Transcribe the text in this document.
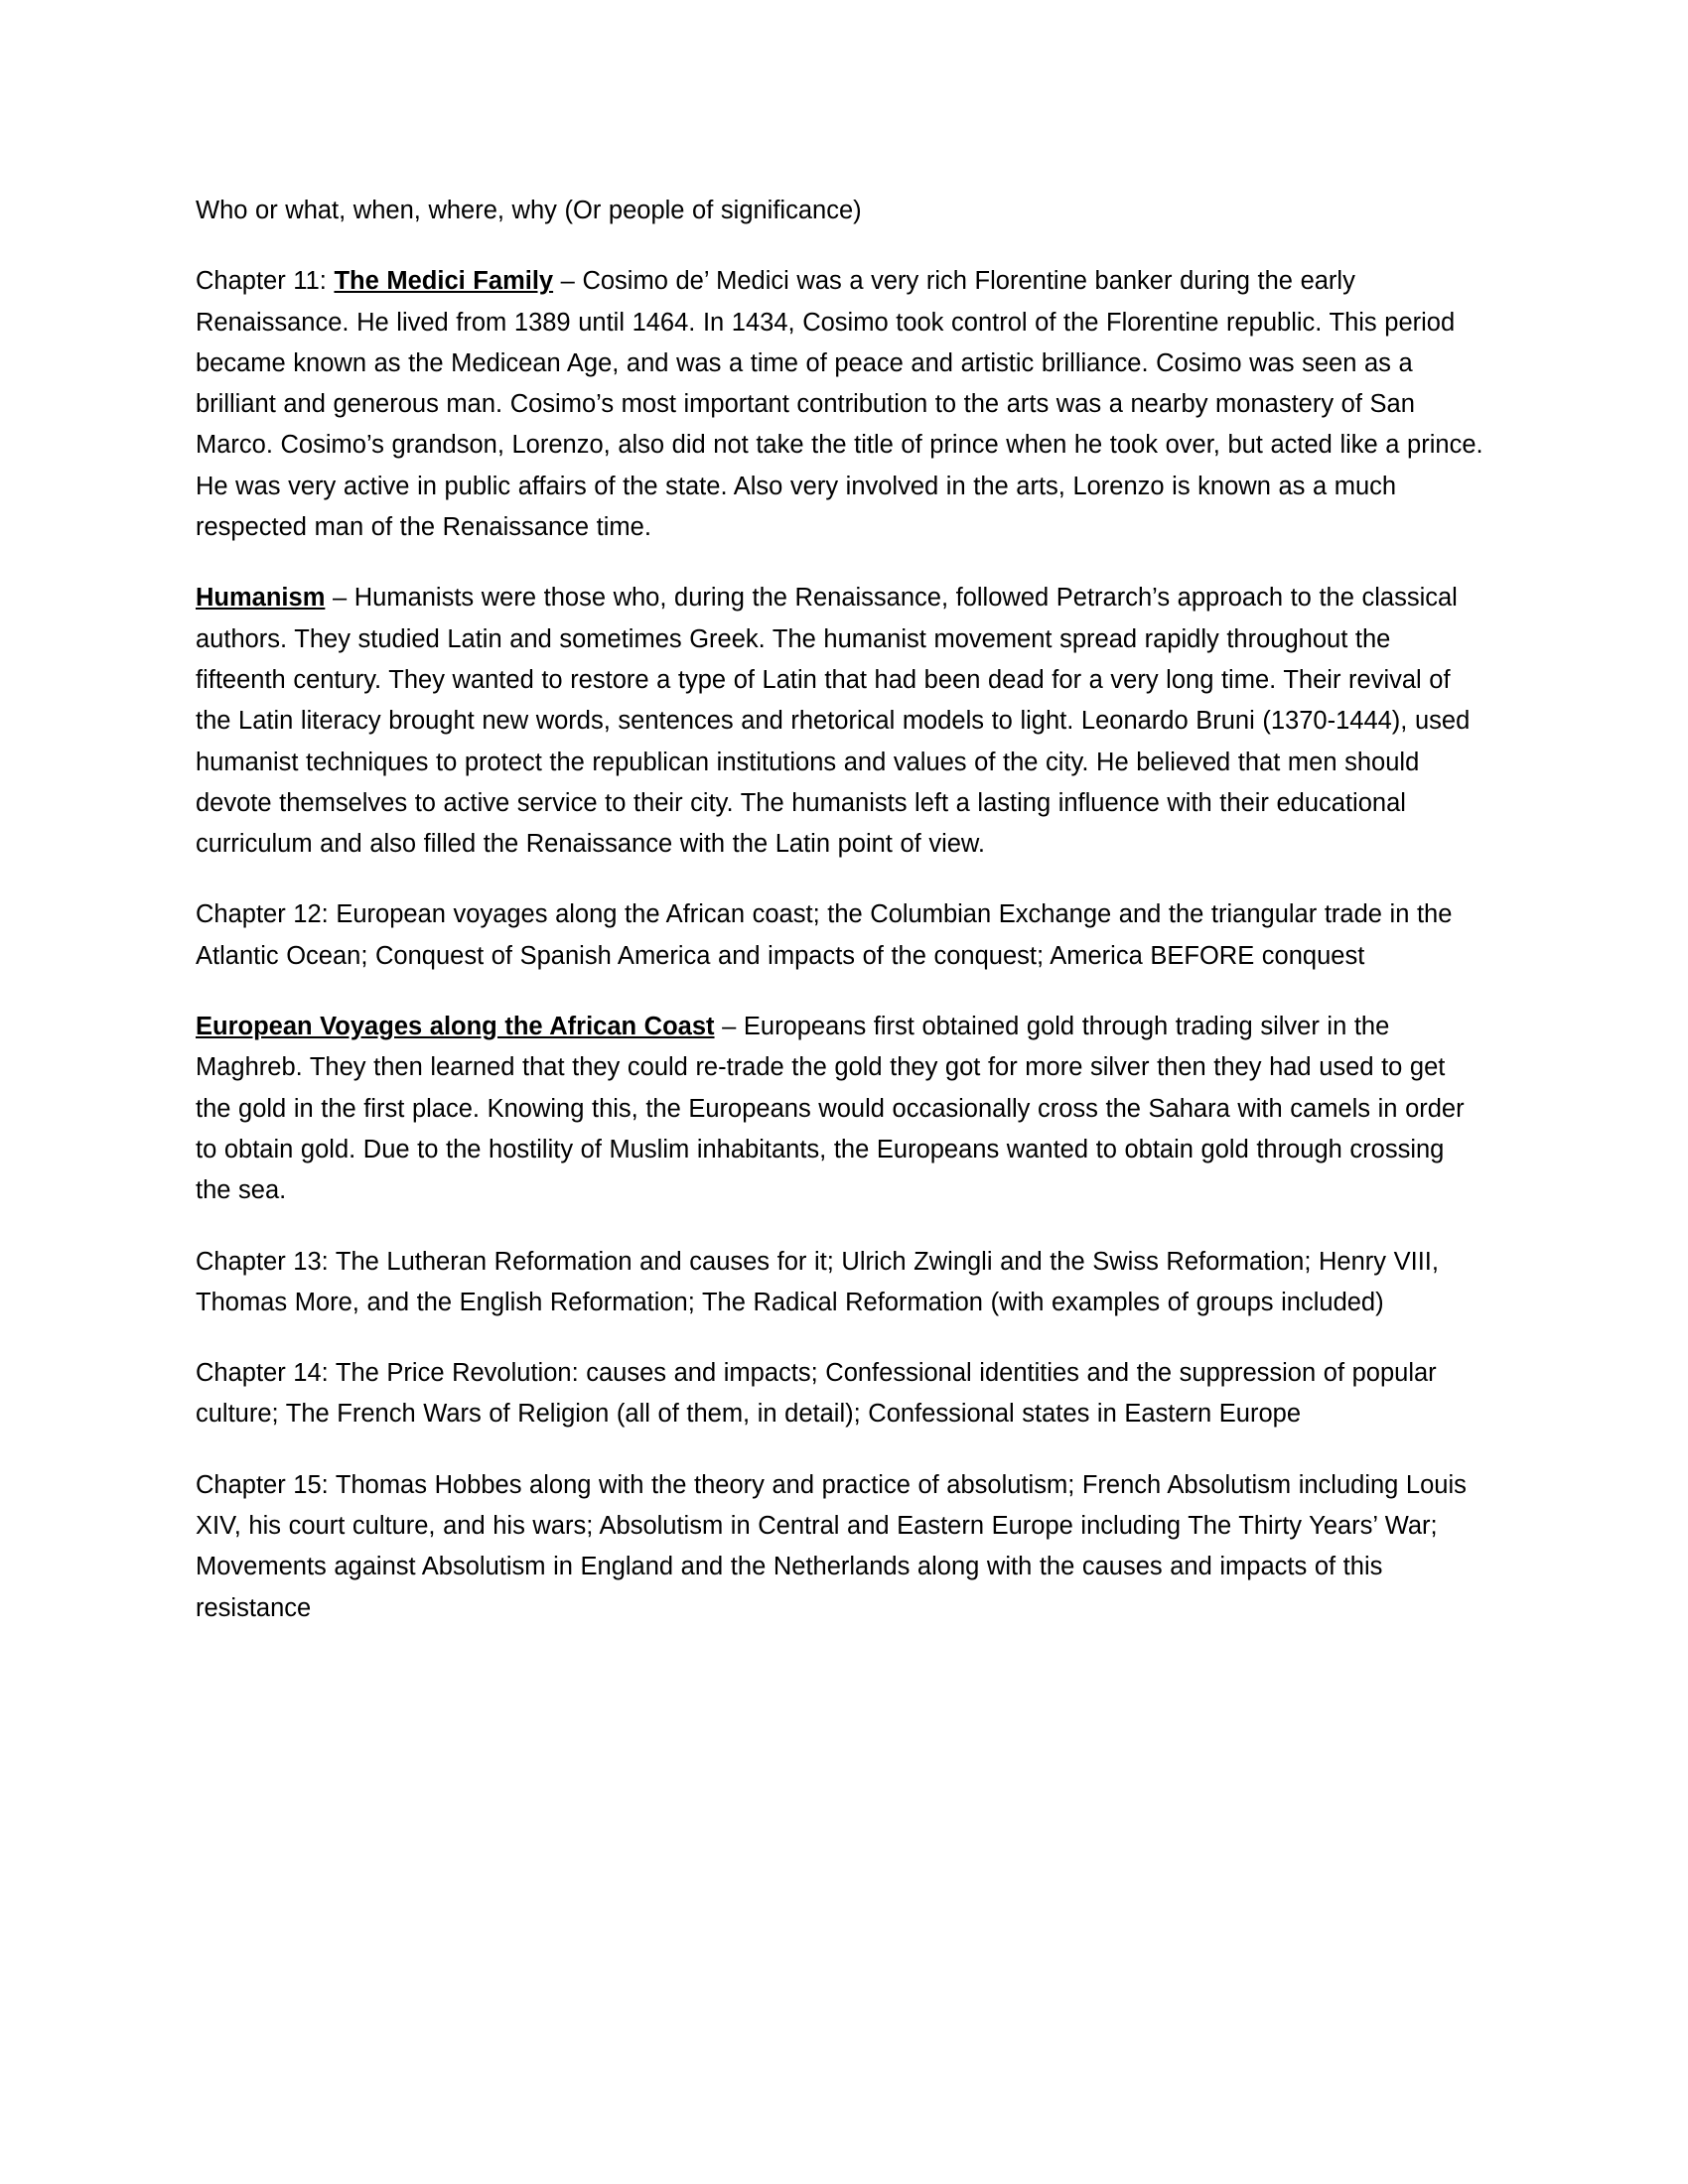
Who or what, when, where, why (Or people of significance)

Chapter 11: The Medici Family – Cosimo de’ Medici was a very rich Florentine banker during the early Renaissance. He lived from 1389 until 1464. In 1434, Cosimo took control of the Florentine republic. This period became known as the Medicean Age, and was a time of peace and artistic brilliance. Cosimo was seen as a brilliant and generous man. Cosimo’s most important contribution to the arts was a nearby monastery of San Marco. Cosimo’s grandson, Lorenzo, also did not take the title of prince when he took over, but acted like a prince. He was very active in public affairs of the state. Also very involved in the arts, Lorenzo is known as a much respected man of the Renaissance time.

Humanism – Humanists were those who, during the Renaissance, followed Petrarch’s approach to the classical authors. They studied Latin and sometimes Greek. The humanist movement spread rapidly throughout the fifteenth century. They wanted to restore a type of Latin that had been dead for a very long time. Their revival of the Latin literacy brought new words, sentences and rhetorical models to light. Leonardo Bruni (1370-1444), used humanist techniques to protect the republican institutions and values of the city. He believed that men should devote themselves to active service to their city. The humanists left a lasting influence with their educational curriculum and also filled the Renaissance with the Latin point of view.

Chapter 12: European voyages along the African coast; the Columbian Exchange and the triangular trade in the Atlantic Ocean; Conquest of Spanish America and impacts of the conquest; America BEFORE conquest

European Voyages along the African Coast – Europeans first obtained gold through trading silver in the Maghreb. They then learned that they could re-trade the gold they got for more silver then they had used to get the gold in the first place. Knowing this, the Europeans would occasionally cross the Sahara with camels in order to obtain gold. Due to the hostility of Muslim inhabitants, the Europeans wanted to obtain gold through crossing the sea.

Chapter 13: The Lutheran Reformation and causes for it; Ulrich Zwingli and the Swiss Reformation; Henry VIII, Thomas More, and the English Reformation; The Radical Reformation (with examples of groups included)

Chapter 14: The Price Revolution: causes and impacts; Confessional identities and the suppression of popular culture; The French Wars of Religion (all of them, in detail); Confessional states in Eastern Europe

Chapter 15: Thomas Hobbes along with the theory and practice of absolutism; French Absolutism including Louis XIV, his court culture, and his wars; Absolutism in Central and Eastern Europe including The Thirty Years’ War; Movements against Absolutism in England and the Netherlands along with the causes and impacts of this resistance
